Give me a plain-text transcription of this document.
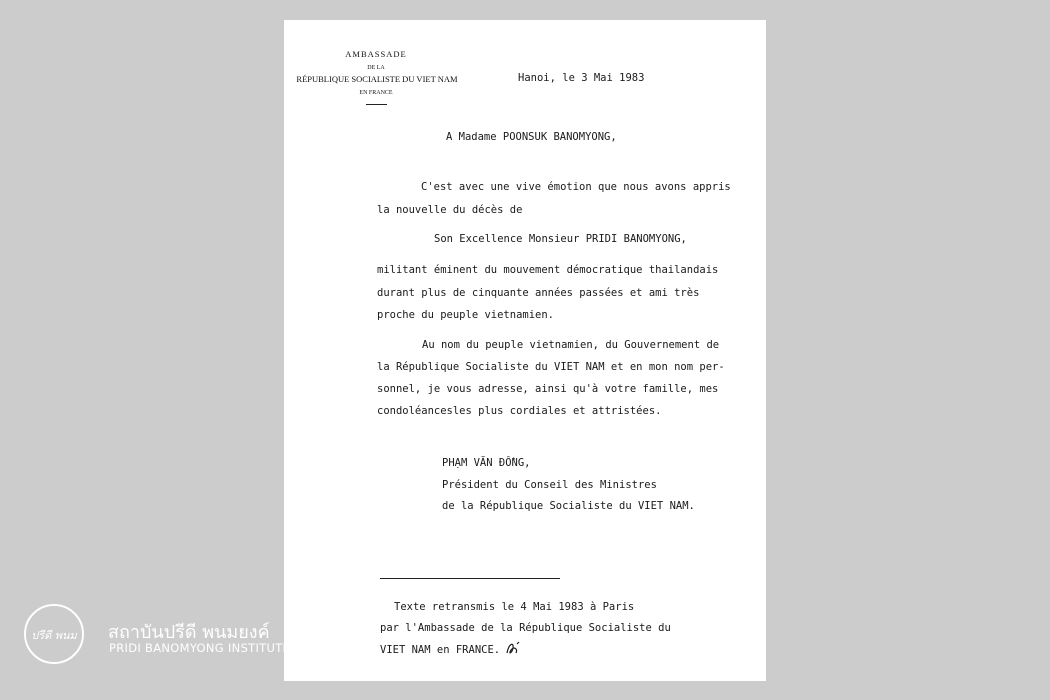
AMBASSADE
DE LA
RÉPUBLIQUE SOCIALISTE DU VIET NAM
EN FRANCE
Hanoi, le 3 Mai 1983
A Madame POONSUK BANOMYONG,
C'est avec une vive émotion que nous avons appris
la nouvelle du décès de
Son Excellence Monsieur PRIDI BANOMYONG,
militant éminent du mouvement démocratique thailandais
durant plus de cinquante années passées et ami très
proche du peuple vietnamien.
Au nom du peuple vietnamien, du Gouvernement de
la République Socialiste du VIET NAM et en mon nom per-
sonnel, je vous adresse, ainsi qu'à votre famille, mes
condoléancesles plus cordiales et attristées.
PHẠM VĂN ĐỒNG,
Président du Conseil des Ministres
de la République Socialiste du VIET NAM.
Texte retransmis le 4 Mai 1983 à Paris
par l'Ambassade de la République Socialiste du
VIET NAM en FRANCE.
ปรีดี พนม สถาบันปรีดี พนมยงค์
PRIDI BANOMYONG INSTITUTE
